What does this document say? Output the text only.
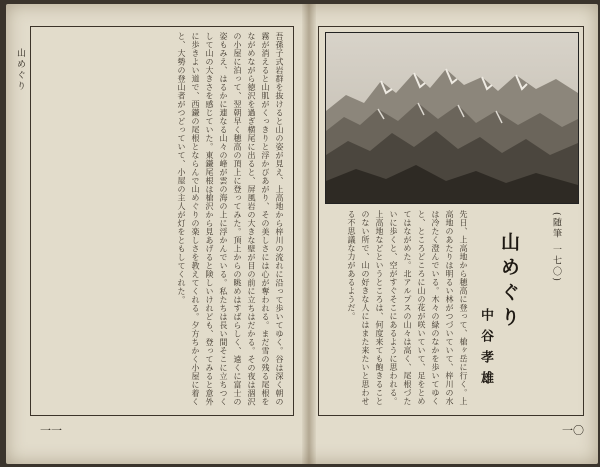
山めぐり	吾孫子式岩群を抜けると山の姿が見え、上高地から梓川の流れに沿って歩いてゆく。谷は深く朝の霧が消えると山肌がくっきりと浮かびあがり、その美しさには心が奪われる。まだ雪の残る尾根をながめながら徳沢を過ぎ横尾に出ると、屏風岩の大きな壁が目の前に立ちはだかる。その夜は涸沢の小屋に泊って、翌朝早く穂高の頂上に登ってみた。頂上からの眺めはすばらしく、遠くに富士の姿もみえ、はるかに連なる山々の峰が雲の海の上に浮かんでいる。私たちは長い間そこに立ちつくして山の大きさを感じていた。東鎌尾根は槍沢から見あげると険しいけれども、登ってみると意外に歩きよい道で、西鎌の尾根とならんで山めぐりの楽しさを教えてくれる。夕方ちかく小屋に着くと、大勢の登山者がつどっていて、小屋の主人が灯をともしてくれた。
一一
(随筆 一七〇)
山めぐり
中谷孝雄
先日、上高地から穂高に登って、槍ヶ岳に行く。上高地のあたりは明るい林がつづいていて、梓川の水は冷たく澄んでいる。木々の緑のなかを歩いてゆくと、ところどころに山の花が咲いていて、足をとめてはながめた。北アルプスの山々は高く、尾根づたいに歩くと、空がすぐそこにあるように思われる。上高地などというところは、何度来ても飽きることのない所で、山の好きな人にはまた来たいと思わせる不思議な力があるようだ。
一〇
